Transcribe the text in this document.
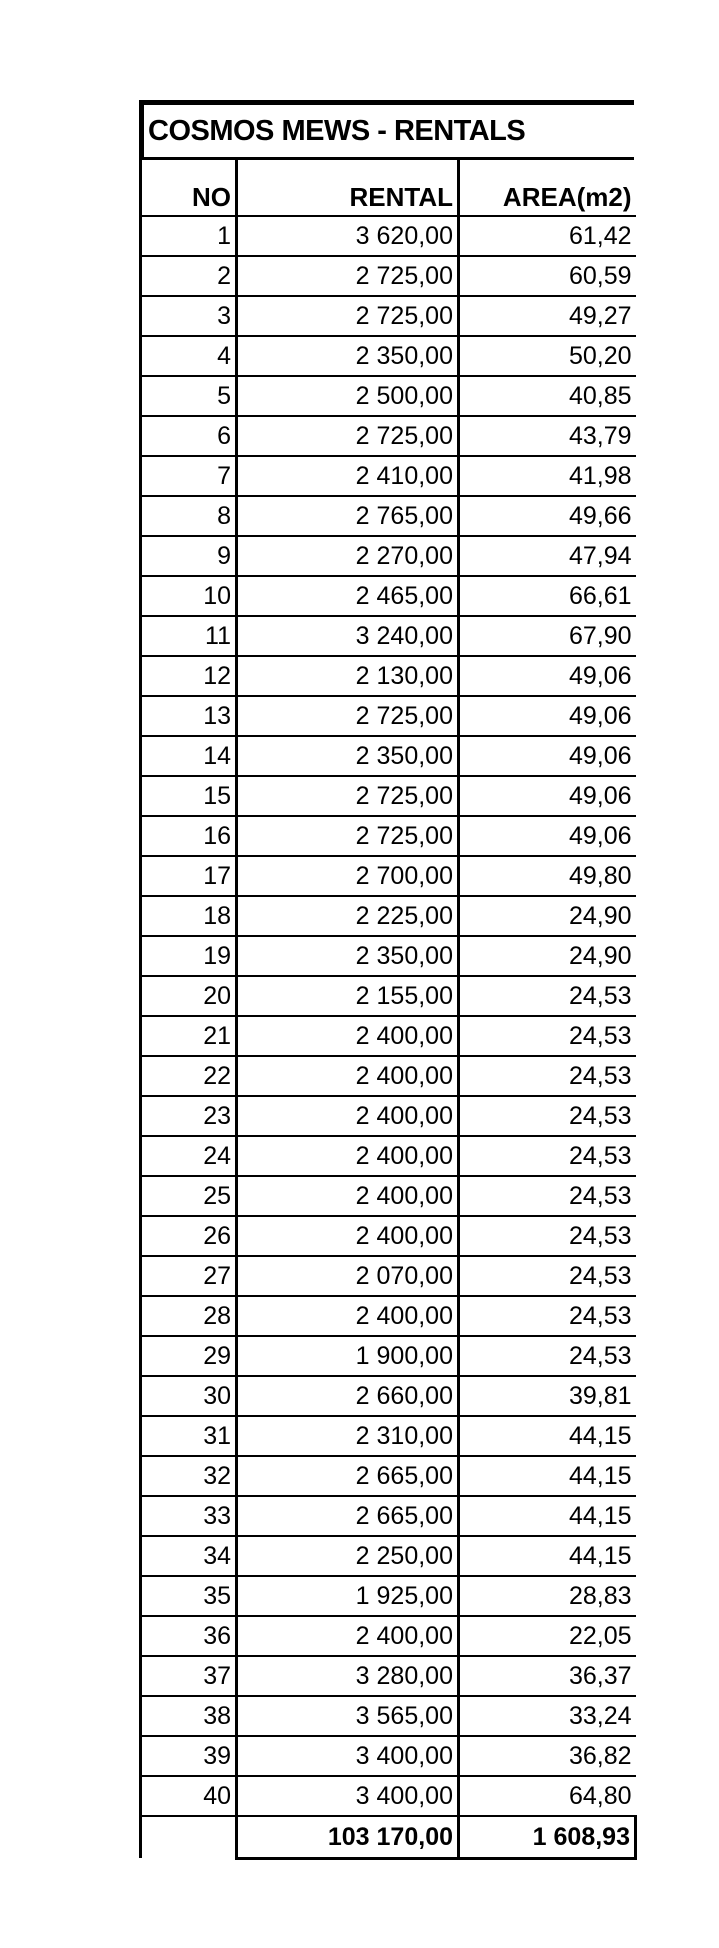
COSMOS MEWS - RENTALS
NO	RENTAL	AREA(m2)
1	3 620,00	61,42
2	2 725,00	60,59
3	2 725,00	49,27
4	2 350,00	50,20
5	2 500,00	40,85
6	2 725,00	43,79
7	2 410,00	41,98
8	2 765,00	49,66
9	2 270,00	47,94
10	2 465,00	66,61
11	3 240,00	67,90
12	2 130,00	49,06
13	2 725,00	49,06
14	2 350,00	49,06
15	2 725,00	49,06
16	2 725,00	49,06
17	2 700,00	49,80
18	2 225,00	24,90
19	2 350,00	24,90
20	2 155,00	24,53
21	2 400,00	24,53
22	2 400,00	24,53
23	2 400,00	24,53
24	2 400,00	24,53
25	2 400,00	24,53
26	2 400,00	24,53
27	2 070,00	24,53
28	2 400,00	24,53
29	1 900,00	24,53
30	2 660,00	39,81
31	2 310,00	44,15
32	2 665,00	44,15
33	2 665,00	44,15
34	2 250,00	44,15
35	1 925,00	28,83
36	2 400,00	22,05
37	3 280,00	36,37
38	3 565,00	33,24
39	3 400,00	36,82
40	3 400,00	64,80
	103 170,00	1 608,93
